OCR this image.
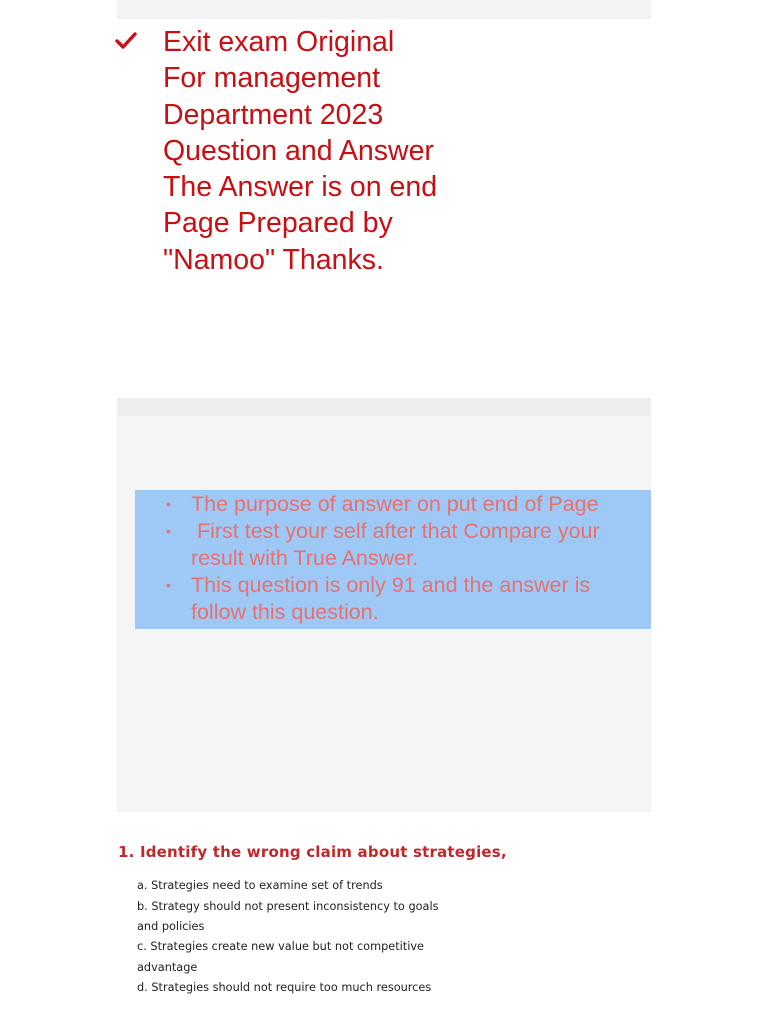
Exit exam Original
For management
Department 2023
Question and Answer
The Answer is on end
Page Prepared by
"Namoo" Thanks.
• The purpose of answer on put end of Page
• First test your self after that Compare your
result with True Answer.
• This question is only 91 and the answer is
follow this question.
1. Identify the wrong claim about strategies,
a. Strategies need to examine set of trends
b. Strategy should not present inconsistency to goals
and policies
c. Strategies create new value but not competitive
advantage
d. Strategies should not require too much resources
